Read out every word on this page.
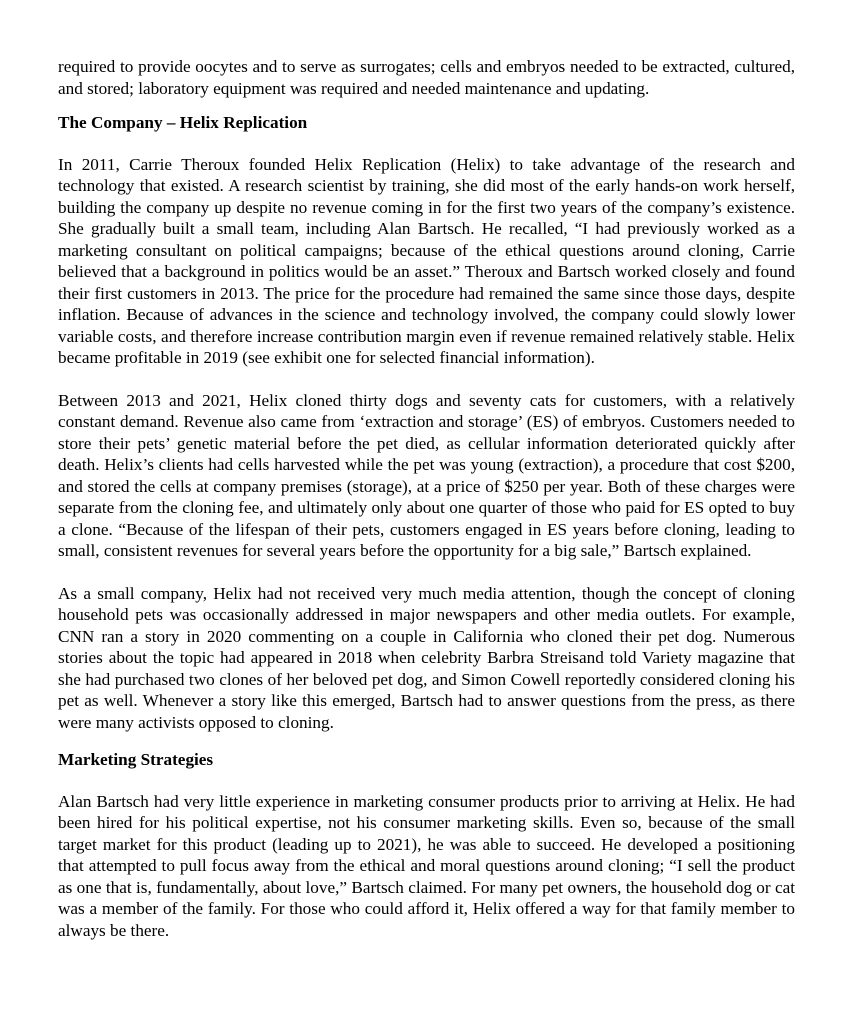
required to provide oocytes and to serve as surrogates; cells and embryos needed to be extracted, cultured, and stored; laboratory equipment was required and needed maintenance and updating.

The Company – Helix Replication

In 2011, Carrie Theroux founded Helix Replication (Helix) to take advantage of the research and technology that existed. A research scientist by training, she did most of the early hands-on work herself, building the company up despite no revenue coming in for the first two years of the company’s existence. She gradually built a small team, including Alan Bartsch. He recalled, “I had previously worked as a marketing consultant on political campaigns; because of the ethical questions around cloning, Carrie believed that a background in politics would be an asset.” Theroux and Bartsch worked closely and found their first customers in 2013. The price for the procedure had remained the same since those days, despite inflation. Because of advances in the science and technology involved, the company could slowly lower variable costs, and therefore increase contribution margin even if revenue remained relatively stable. Helix became profitable in 2019 (see exhibit one for selected financial information).

Between 2013 and 2021, Helix cloned thirty dogs and seventy cats for customers, with a relatively constant demand. Revenue also came from ‘extraction and storage’ (ES) of embryos. Customers needed to store their pets’ genetic material before the pet died, as cellular information deteriorated quickly after death. Helix’s clients had cells harvested while the pet was young (extraction), a procedure that cost $200, and stored the cells at company premises (storage), at a price of $250 per year. Both of these charges were separate from the cloning fee, and ultimately only about one quarter of those who paid for ES opted to buy a clone. “Because of the lifespan of their pets, customers engaged in ES years before cloning, leading to small, consistent revenues for several years before the opportunity for a big sale,” Bartsch explained.

As a small company, Helix had not received very much media attention, though the concept of cloning household pets was occasionally addressed in major newspapers and other media outlets. For example, CNN ran a story in 2020 commenting on a couple in California who cloned their pet dog. Numerous stories about the topic had appeared in 2018 when celebrity Barbra Streisand told Variety magazine that she had purchased two clones of her beloved pet dog, and Simon Cowell reportedly considered cloning his pet as well. Whenever a story like this emerged, Bartsch had to answer questions from the press, as there were many activists opposed to cloning.

Marketing Strategies

Alan Bartsch had very little experience in marketing consumer products prior to arriving at Helix. He had been hired for his political expertise, not his consumer marketing skills. Even so, because of the small target market for this product (leading up to 2021), he was able to succeed. He developed a positioning that attempted to pull focus away from the ethical and moral questions around cloning; “I sell the product as one that is, fundamentally, about love,” Bartsch claimed. For many pet owners, the household dog or cat was a member of the family. For those who could afford it, Helix offered a way for that family member to always be there.
